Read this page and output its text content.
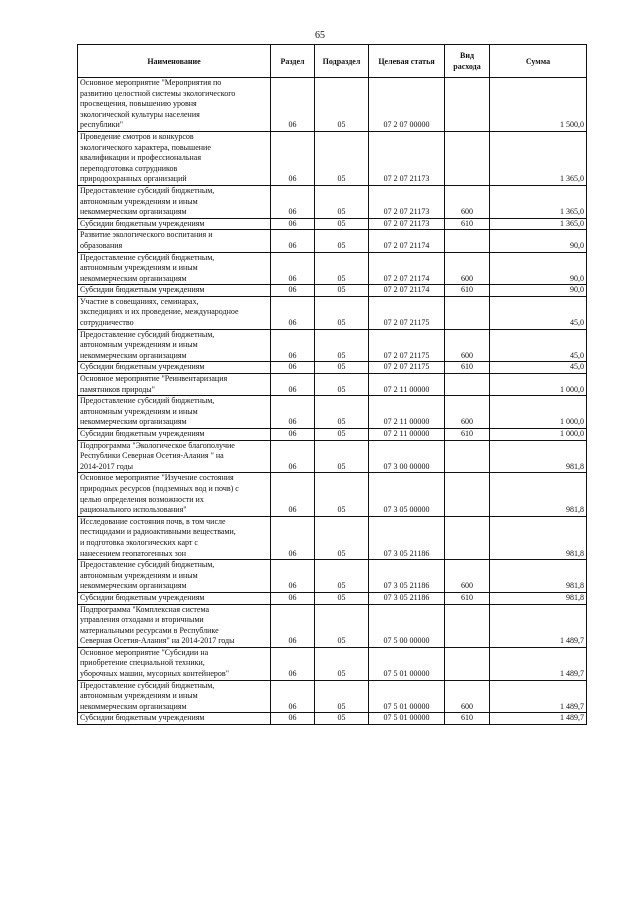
65
Наименование	Раздел	Подраздел	Целевая статья	Вид расхода	Сумма
Основное мероприятие "Мероприятия по
развитию целостной системы экологического
просвещения, повышению уровня
экологической культуры населения
республики"	06	05	07 2 07 00000		1 500,0
Проведение смотров и конкурсов
экологического характера, повышение
квалификации и профессиональная
переподготовка сотрудников
природоохранных организаций	06	05	07 2 07 21173		1 365,0
Предоставление субсидий бюджетным,
автономным учреждениям и иным
некоммерческим организациям	06	05	07 2 07 21173	600	1 365,0
Субсидии бюджетным учреждениям	06	05	07 2 07 21173	610	1 365,0
Развитие экологического воспитания и
образования	06	05	07 2 07 21174		90,0
Предоставление субсидий бюджетным,
автономным учреждениям и иным
некоммерческим организациям	06	05	07 2 07 21174	600	90,0
Субсидии бюджетным учреждениям	06	05	07 2 07 21174	610	90,0
Участие в совещаниях, семинарах,
экспедициях и их проведение, международное
сотрудничество	06	05	07 2 07 21175		45,0
Предоставление субсидий бюджетным,
автономным учреждениям и иным
некоммерческим организациям	06	05	07 2 07 21175	600	45,0
Субсидии бюджетным учреждениям	06	05	07 2 07 21175	610	45,0
Основное мероприятие "Реинвентаризация
памятников природы"	06	05	07 2 11 00000		1 000,0
Предоставление субсидий бюджетным,
автономным учреждениям и иным
некоммерческим организациям	06	05	07 2 11 00000	600	1 000,0
Субсидии бюджетным учреждениям	06	05	07 2 11 00000	610	1 000,0
Подпрограмма "Экологическое благополучие
Республики Северная Осетия-Алания " на
2014-2017 годы	06	05	07 3 00 00000		981,8
Основное мероприятие "Изучение состояния
природных ресурсов (подземных вод и почв) с
целью определения возможности их
рационального использования"	06	05	07 3 05 00000		981,8
Исследование состояния почв, в том числе
пестицидами и радиоактивными веществами,
и подготовка экологических карт с
нанесением геопатогенных зон	06	05	07 3 05 21186		981,8
Предоставление субсидий бюджетным,
автономным учреждениям и иным
некоммерческим организациям	06	05	07 3 05 21186	600	981,8
Субсидии бюджетным учреждениям	06	05	07 3 05 21186	610	981,8
Подпрограмма "Комплексная система
управления отходами и вторичными
материальными ресурсами в Республике
Северная Осетия-Алания" на 2014-2017 годы	06	05	07 5 00 00000		1 489,7
Основное мероприятие "Субсидии на
приобретение специальной техники,
уборочных машин, мусорных контейнеров"	06	05	07 5 01 00000		1 489,7
Предоставление субсидий бюджетным,
автономным учреждениям и иным
некоммерческим организациям	06	05	07 5 01 00000	600	1 489,7
Субсидии бюджетным учреждениям	06	05	07 5 01 00000	610	1 489,7
